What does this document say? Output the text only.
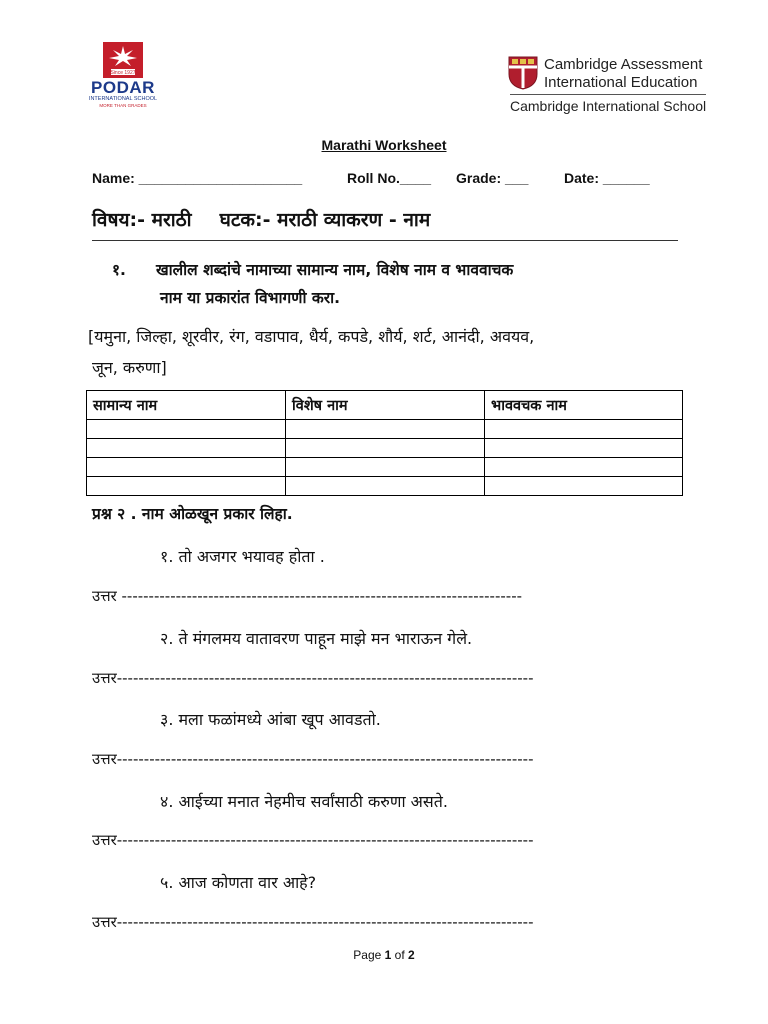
Since 1927
PODAR
INTERNATIONAL SCHOOL
MORE THAN GRADES
Cambridge Assessment
International Education
Cambridge International School
Marathi Worksheet
Name: _____________________	Roll No.____ Grade: ___	Date: ______
विषय:- मराठी घटक:- मराठी व्याकरण - नाम
१. खालील शब्दांचे नामाच्या सामान्य नाम, विशेष नाम व भाववाचक
नाम या प्रकारांत विभागणी करा.
[यमुना, जिल्हा, शूरवीर, रंग, वडापाव, धैर्य, कपडे, शौर्य, शर्ट, आनंदी, अवयव,
जून, करुणा]
सामान्य नाम	विशेष नाम	भाववचक नाम

प्रश्न २ . नाम ओळखून प्रकार लिहा.
१. तो अजगर भयावह होता .
उत्तर --------------------------------------------------------------------------
२. ते मंगलमय वातावरण पाहून माझे मन भाराऊन गेले.
उत्तर-----------------------------------------------------------------------------
३. मला फळांमध्ये आंबा खूप आवडतो.
उत्तर-----------------------------------------------------------------------------
४. आईच्या मनात नेहमीच सर्वांसाठी करुणा असते.
उत्तर-----------------------------------------------------------------------------
५. आज कोणता वार आहे?
उत्तर-----------------------------------------------------------------------------
Page 1 of 2
